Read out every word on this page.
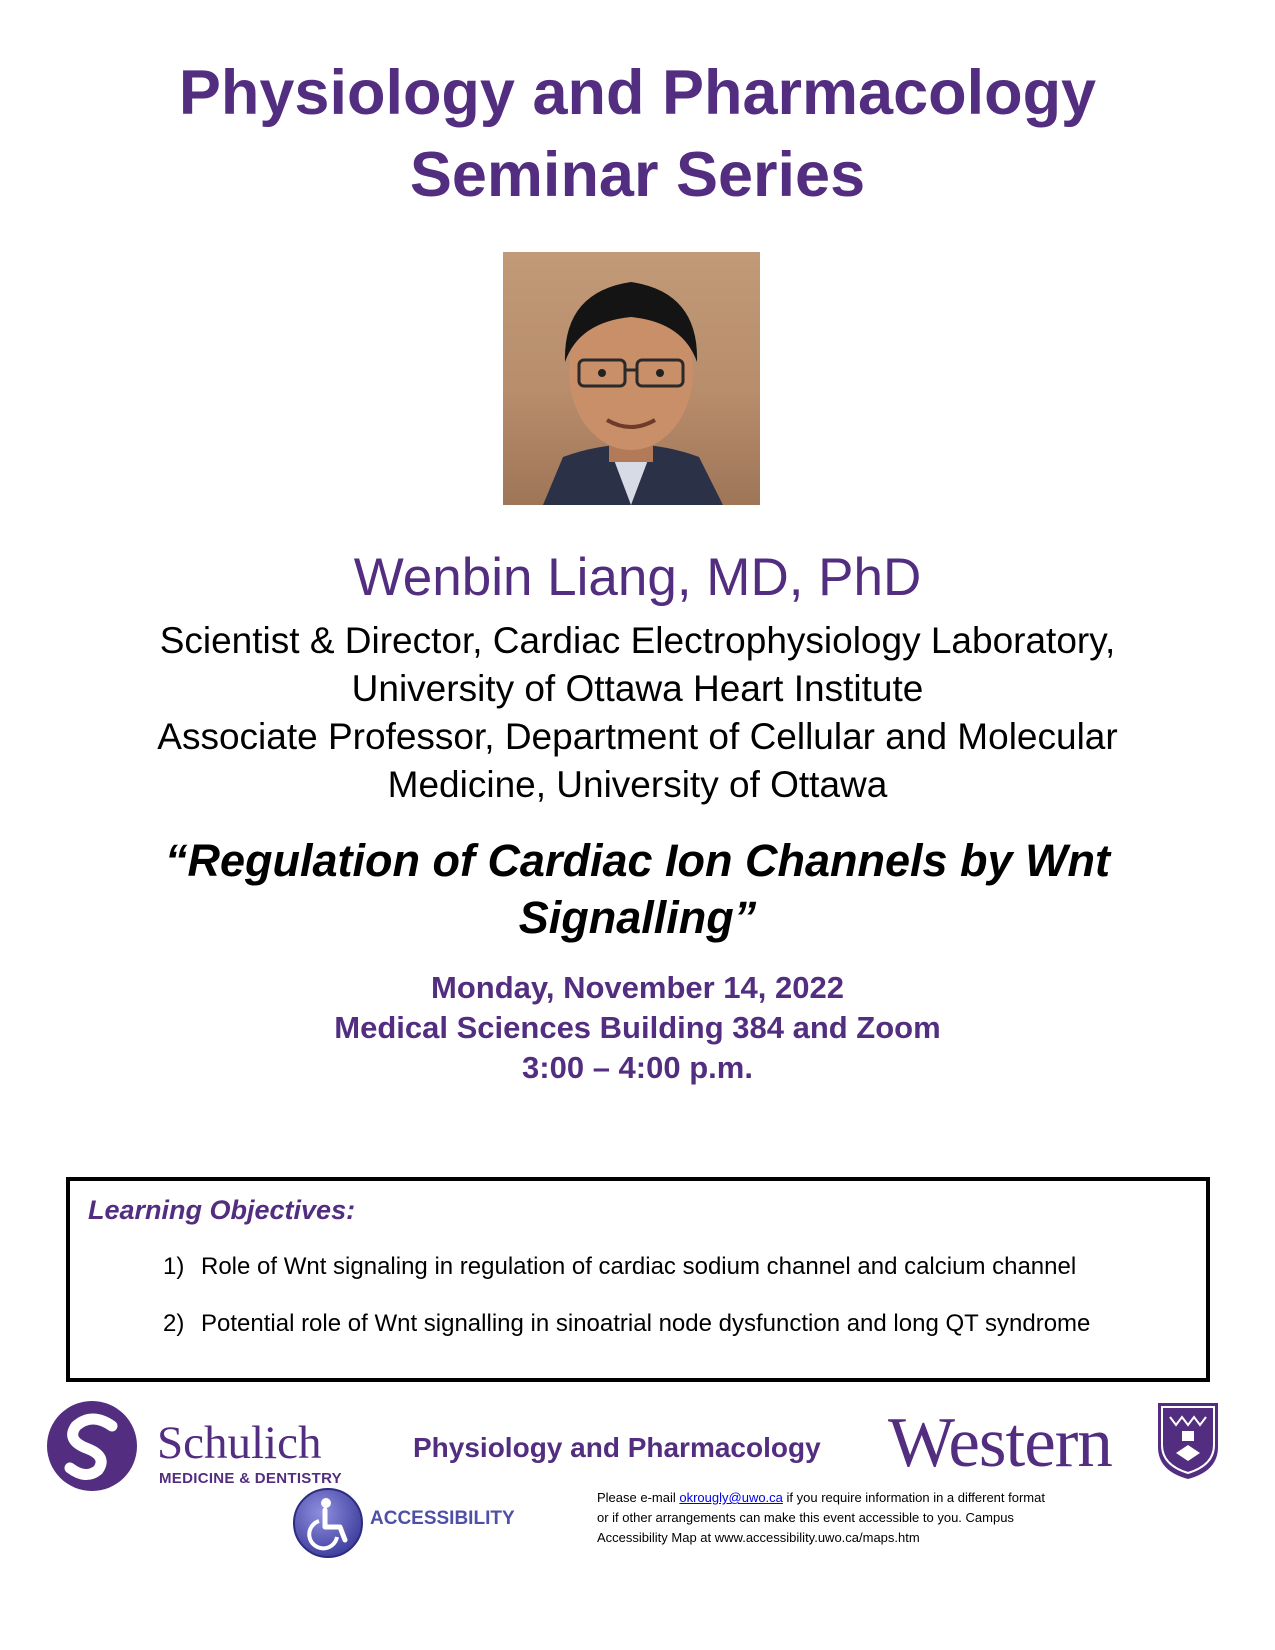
Physiology and Pharmacology
Seminar Series
Wenbin Liang, MD, PhD
Scientist & Director, Cardiac Electrophysiology Laboratory,
University of Ottawa Heart Institute
Associate Professor, Department of Cellular and Molecular
Medicine, University of Ottawa
“Regulation of Cardiac Ion Channels by Wnt
Signalling”
Monday, November 14, 2022
Medical Sciences Building 384 and Zoom
3:00 – 4:00 p.m.
Learning Objectives:
1) Role of Wnt signaling in regulation of cardiac sodium channel and calcium channel
2) Potential role of Wnt signalling in sinoatrial node dysfunction and long QT syndrome
Schulich
MEDICINE & DENTISTRY
Physiology and Pharmacology Western
ACCESSIBILITY
Please e-mail okrougly@uwo.ca if you require information in a different format
or if other arrangements can make this event accessible to you. Campus
Accessibility Map at www.accessibility.uwo.ca/maps.htm
